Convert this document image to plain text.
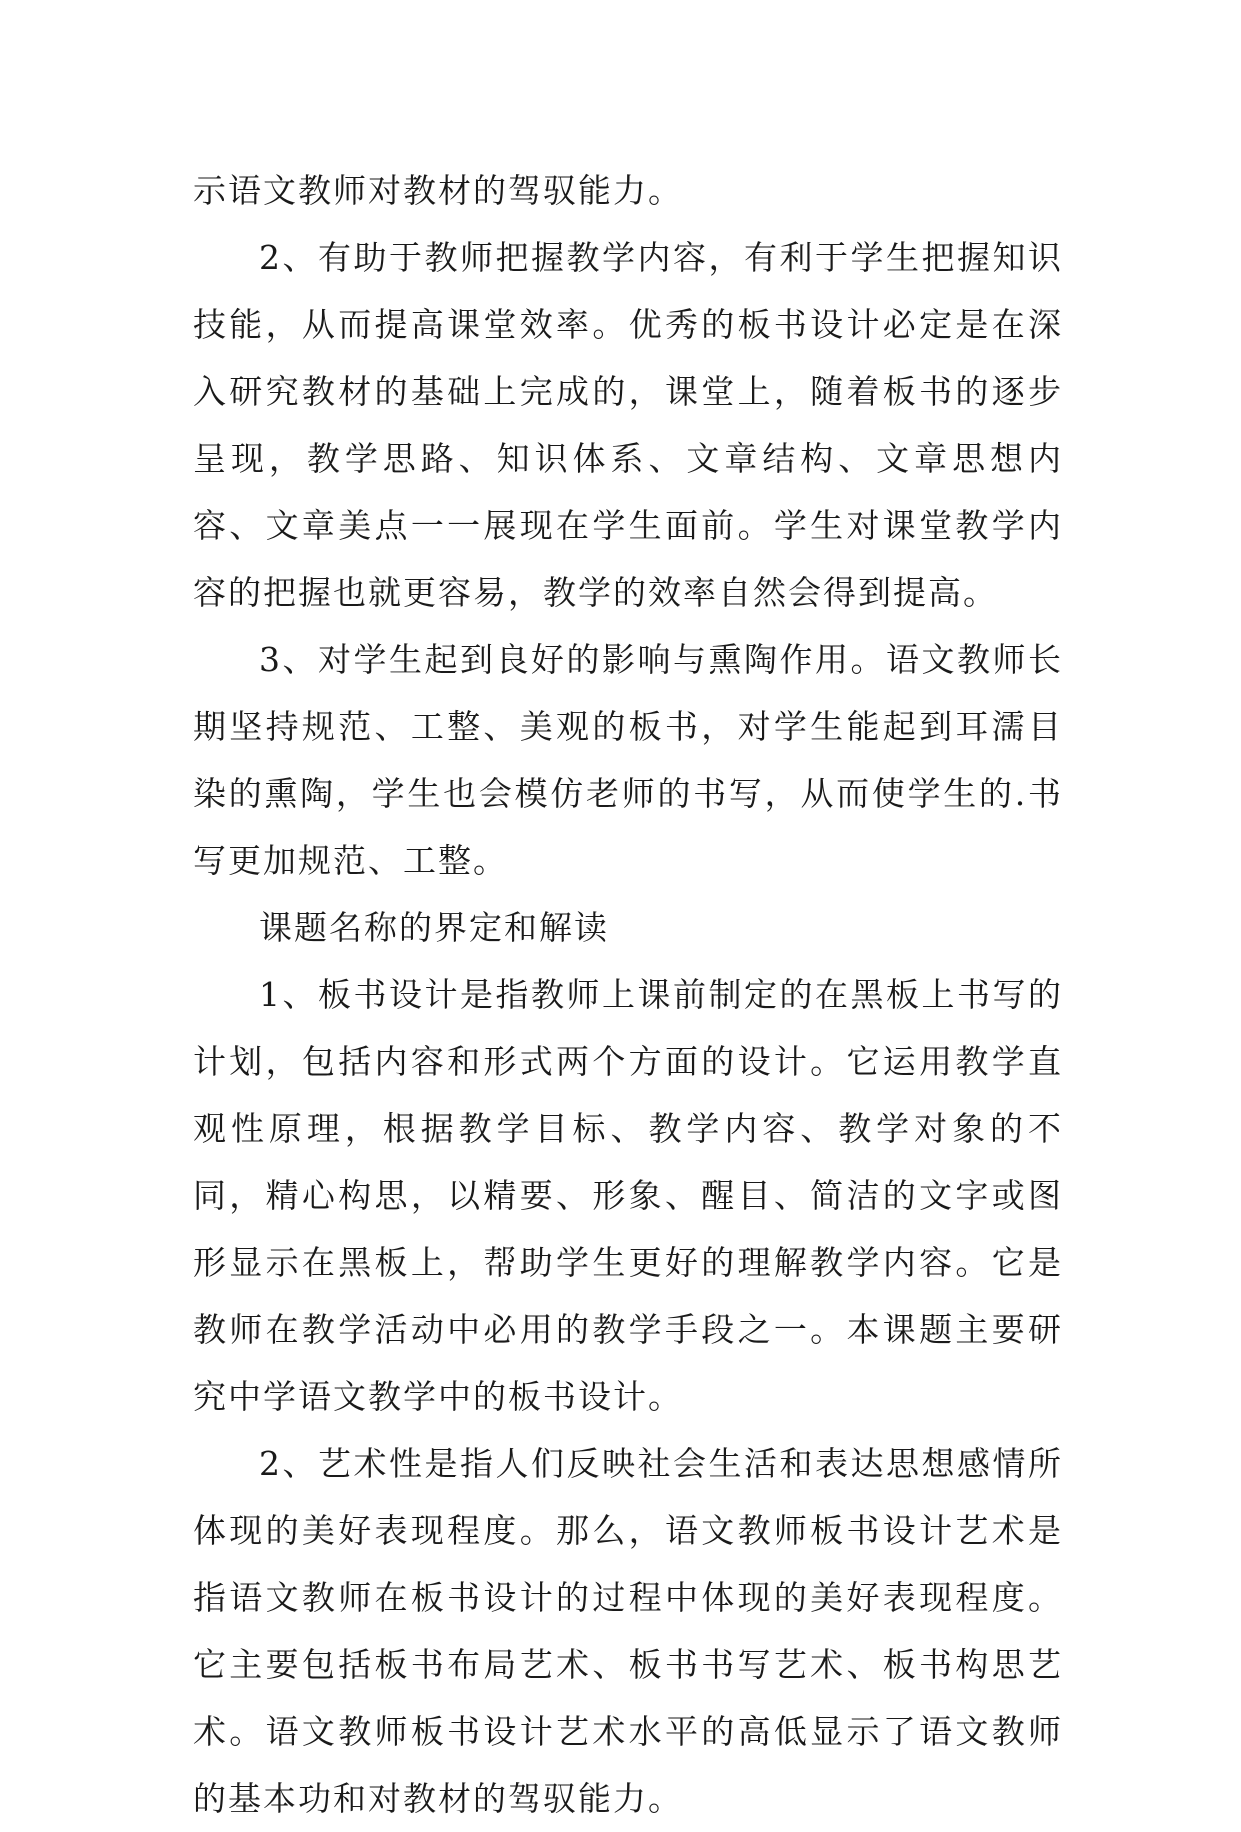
示语文教师对教材的驾驭能力。

2、有助于教师把握教学内容，有利于学生把握知识技能，从而提高课堂效率。优秀的板书设计必定是在深入研究教材的基础上完成的，课堂上，随着板书的逐步呈现，教学思路、知识体系、文章结构、文章思想内容、文章美点一一展现在学生面前。学生对课堂教学内容的把握也就更容易，教学的效率自然会得到提高。

3、对学生起到良好的影响与熏陶作用。语文教师长期坚持规范、工整、美观的板书，对学生能起到耳濡目染的熏陶，学生也会模仿老师的书写，从而使学生的.书写更加规范、工整。

课题名称的界定和解读

1、板书设计是指教师上课前制定的在黑板上书写的计划，包括内容和形式两个方面的设计。它运用教学直观性原理，根据教学目标、教学内容、教学对象的不同，精心构思，以精要、形象、醒目、简洁的文字或图形显示在黑板上，帮助学生更好的理解教学内容。它是教师在教学活动中必用的教学手段之一。本课题主要研究中学语文教学中的板书设计。

2、艺术性是指人们反映社会生活和表达思想感情所体现的美好表现程度。那么，语文教师板书设计艺术是指语文教师在板书设计的过程中体现的美好表现程度。它主要包括板书布局艺术、板书书写艺术、板书构思艺术。语文教师板书设计艺术水平的高低显示了语文教师的基本功和对教材的驾驭能力。
